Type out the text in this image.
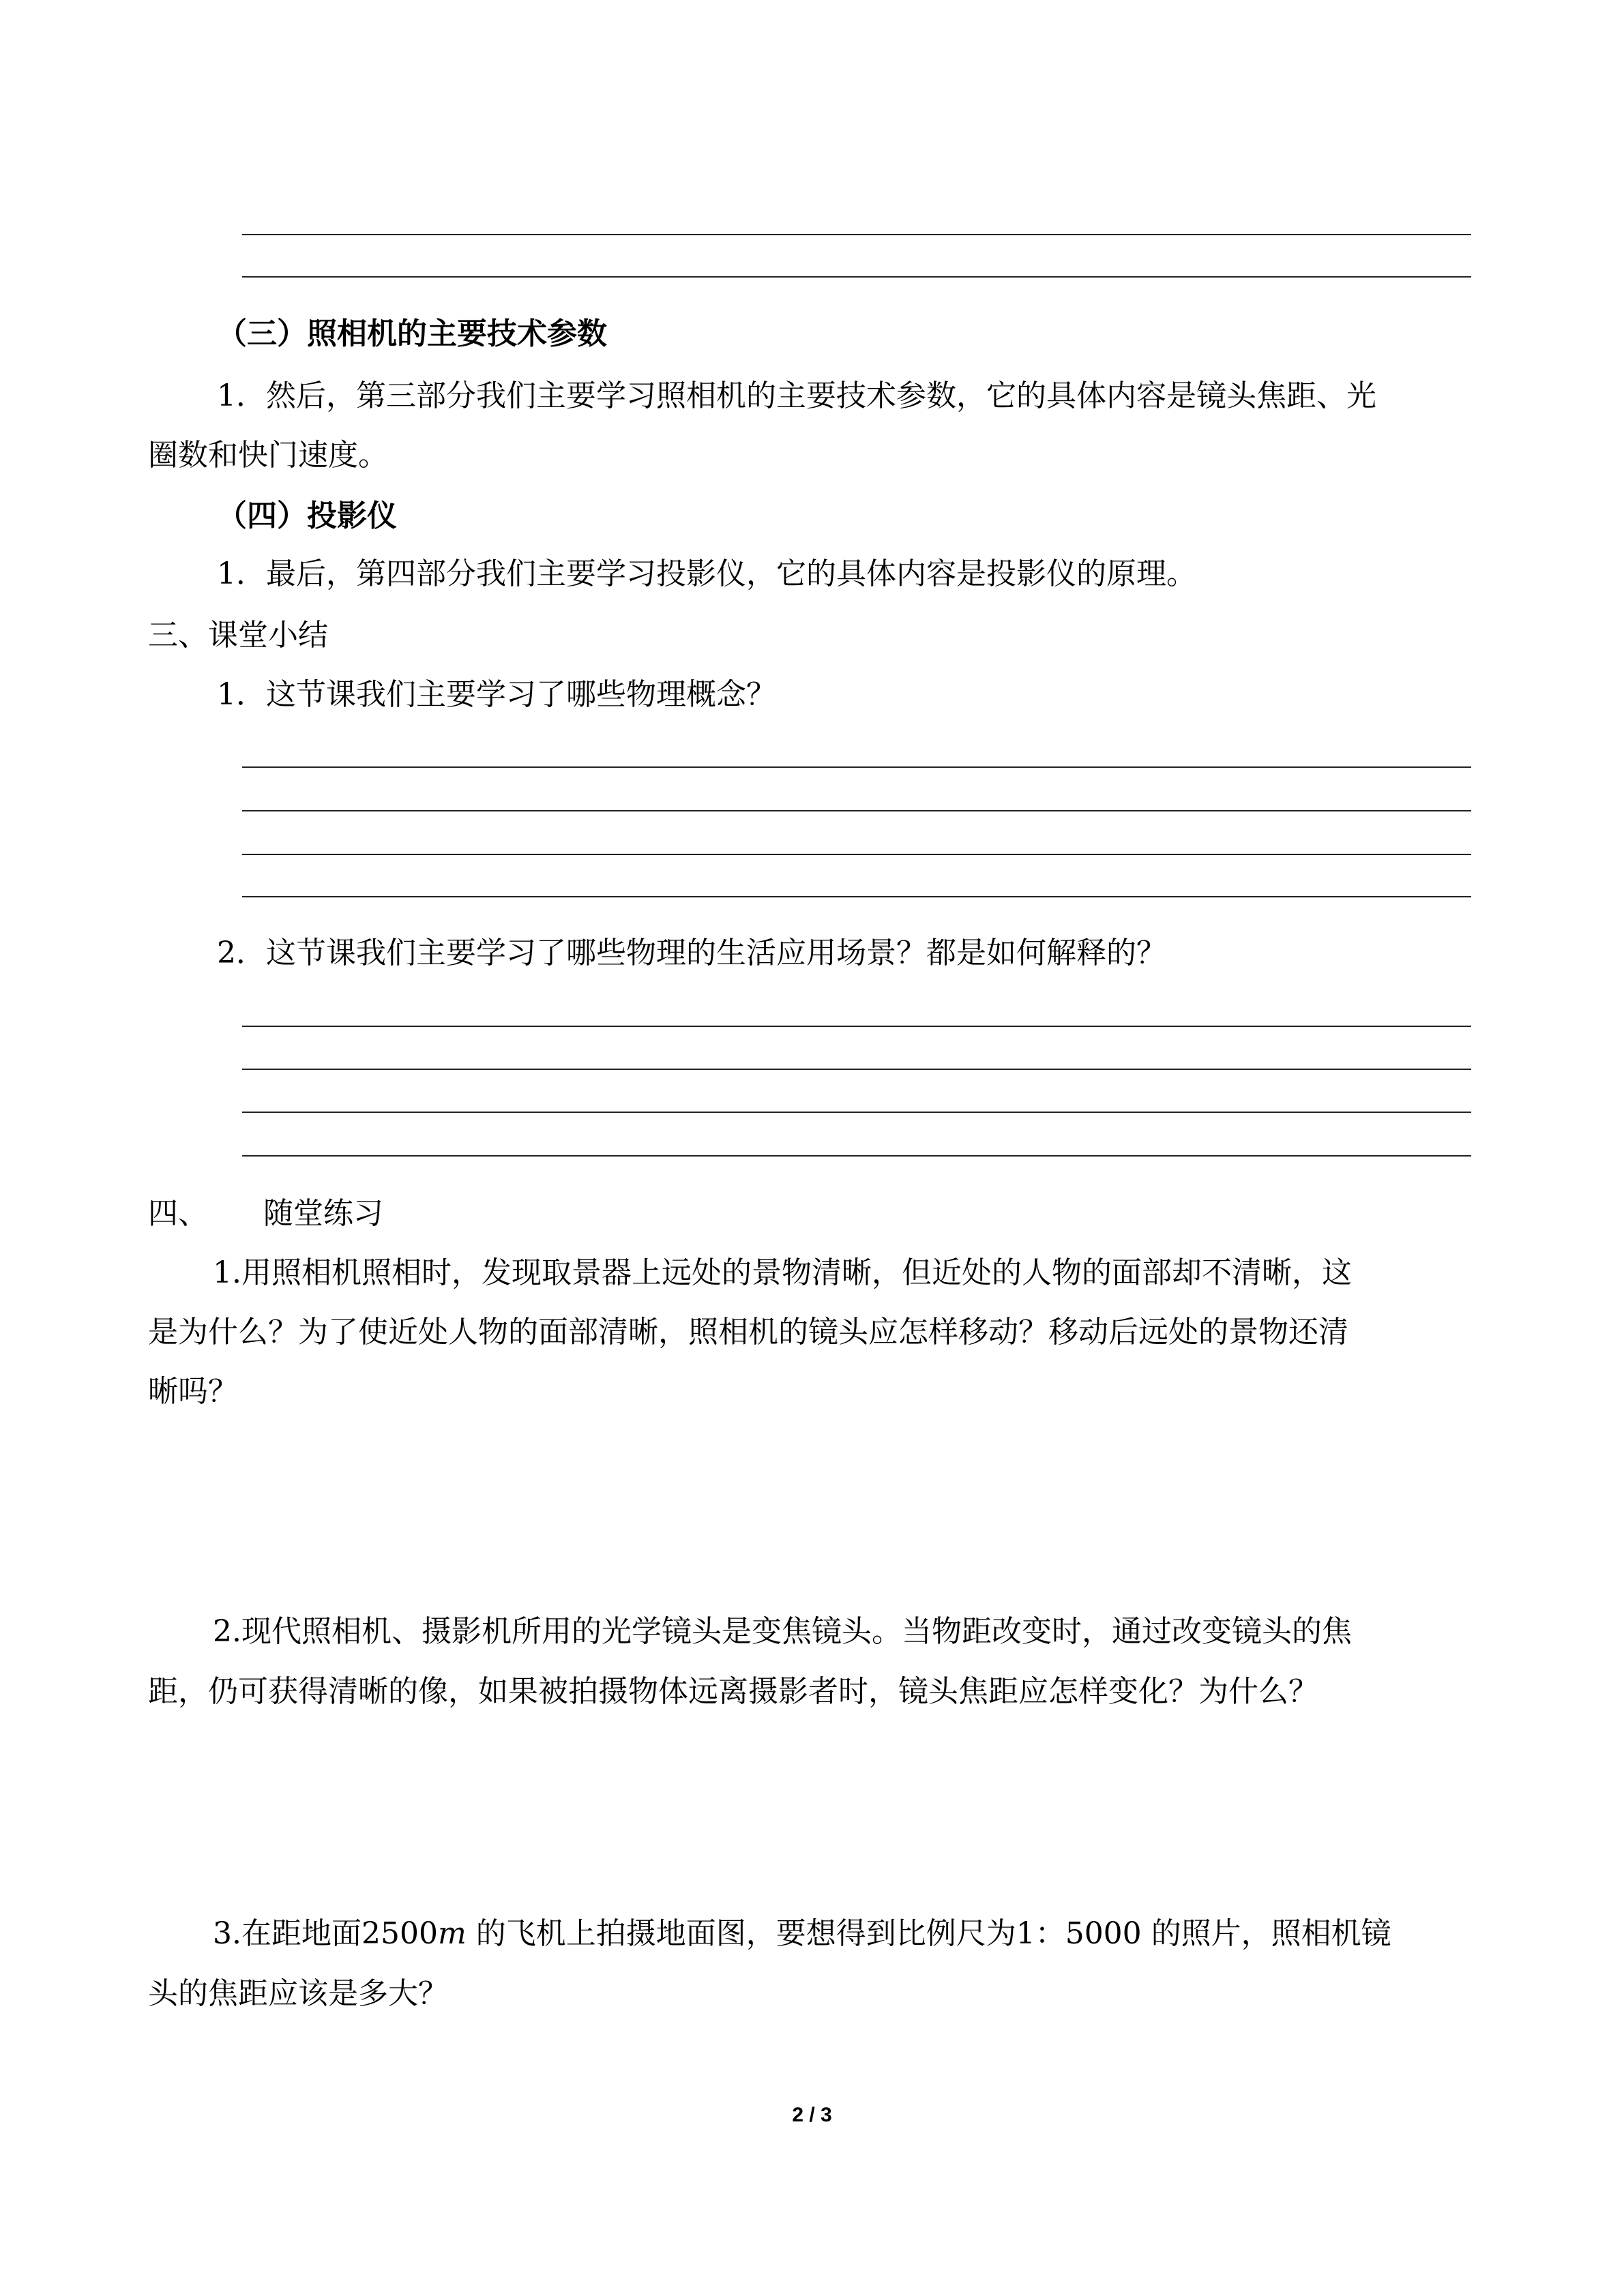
（三）照相机的主要技术参数
1．然后，第三部分我们主要学习照相机的主要技术参数，它的具体内容是镜头焦距、光
圈数和快门速度。
（四）投影仪
1．最后，第四部分我们主要学习投影仪，它的具体内容是投影仪的原理。
三、课堂小结
1．这节课我们主要学习了哪些物理概念？
2．这节课我们主要学习了哪些物理的生活应用场景？都是如何解释的？
四、 随堂练习
1.用照相机照相时，发现取景器上远处的景物清晰，但近处的人物的面部却不清晰，这
是为什么？为了使近处人物的面部清晰，照相机的镜头应怎样移动？移动后远处的景物还清
晰吗？
2.现代照相机、摄影机所用的光学镜头是变焦镜头。当物距改变时，通过改变镜头的焦
距，仍可获得清晰的像，如果被拍摄物体远离摄影者时，镜头焦距应怎样变化？为什么？
3.在距地面2500m 的飞机上拍摄地面图，要想得到比例尺为1：5000 的照片，照相机镜
头的焦距应该是多大？
2 / 3
